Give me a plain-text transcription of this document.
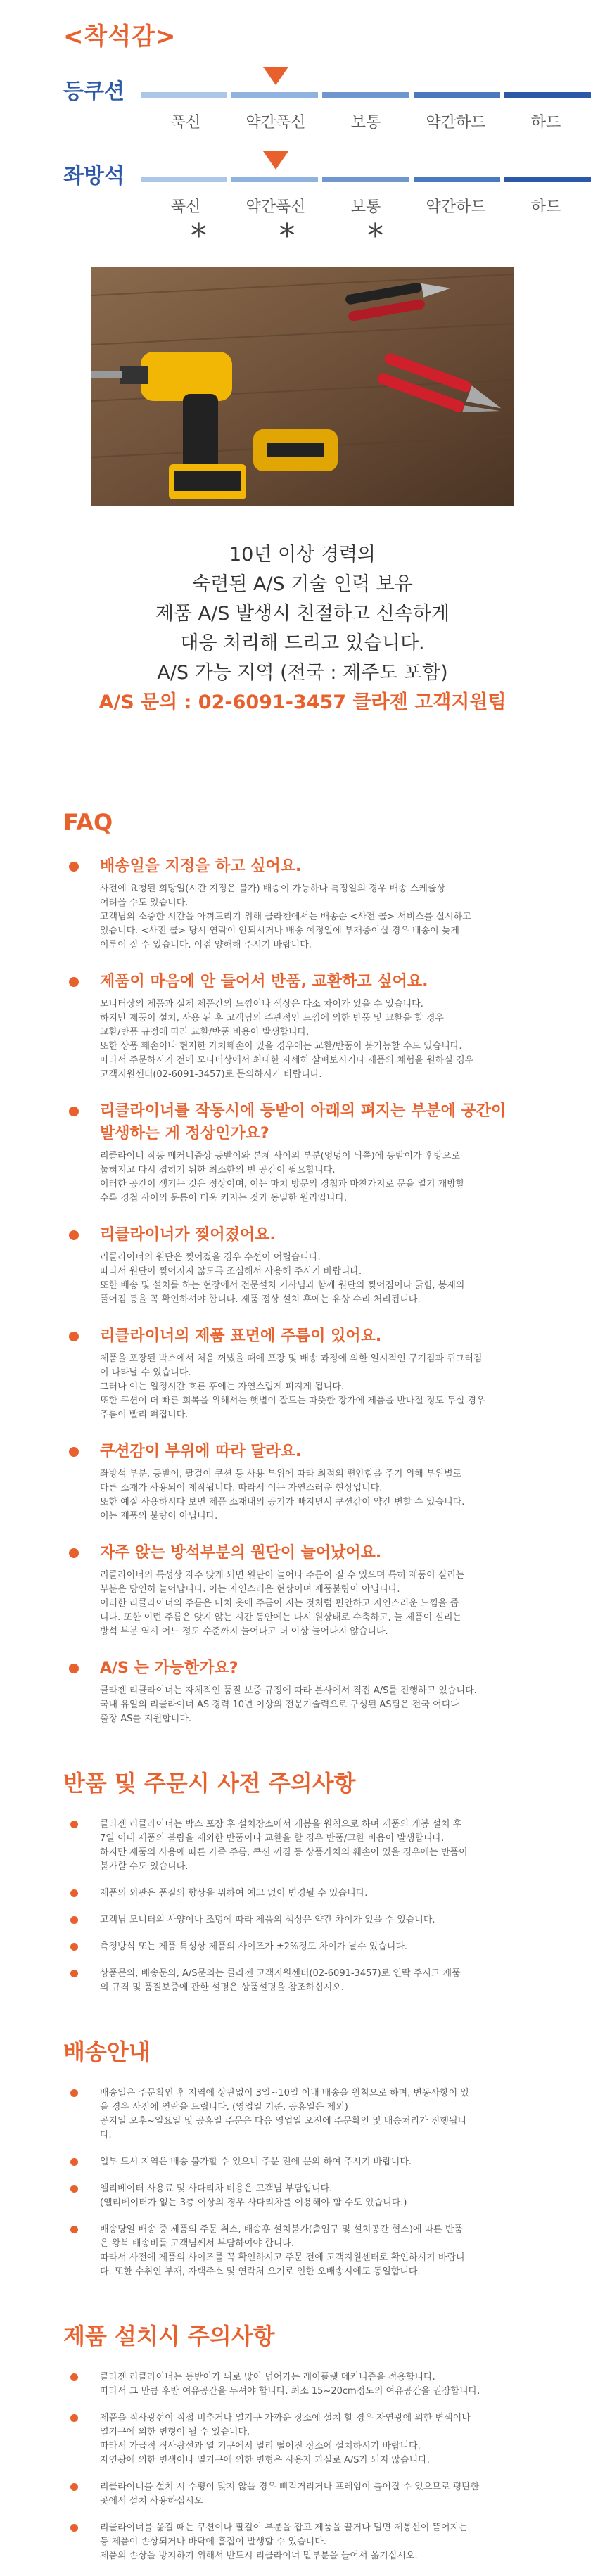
<착석감>
등쿠션
푹신	약간푹신	보통	약간하드	하드
좌방석
푹신	약간푹신	보통	약간하드	하드
* * *

10년 이상 경력의

숙련된 A/S 기술 인력 보유

제품 A/S 발생시 친절하고 신속하게

대응 처리해 드리고 있습니다.

A/S 가능 지역 (전국 : 제주도 포함)

A/S 문의 : 02-6091-3457 클라젠 고객지원팀

FAQ
배송일을 지정을 하고 싶어요.
사전에 요청된 희망일(시간 지정은 불가) 배송이 가능하나 특정일의 경우 배송 스케줄상
어려울 수도 있습니다.
고객님의 소중한 시간을 아껴드리기 위해 클라젠에서는 배송순 <사전 콜> 서비스를 실시하고
있습니다. <사전 콜> 당시 연락이 안되시거나 배송 예정일에 부재중이실 경우 배송이 늦게
이루어 질 수 있습니다. 이점 양해해 주시기 바랍니다.
제품이 마음에 안 들어서 반품, 교환하고 싶어요.
모니터상의 제품과 실제 제품간의 느낌이나 색상은 다소 차이가 있을 수 있습니다.
하지만 제품이 설치, 사용 된 후 고객님의 주관적인 느낌에 의한 반품 및 교환을 할 경우
교환/반품 규정에 따라 교환/반품 비용이 발생합니다.
또한 상품 훼손이나 현저한 가치훼손이 있을 경우에는 교환/반품이 불가능할 수도 있습니다.
따라서 주문하시기 전에 모니터상에서 최대한 자세히 살펴보시거나 제품의 체험을 원하실 경우
고객지원센터(02-6091-3457)로 문의하시기 바랍니다.
리클라이너를 작동시에 등받이 아래의 펴지는 부분에 공간이
발생하는 게 정상인가요?
리클라이너 작동 메커니즘상 등받이와 본체 사이의 부분(엉덩이 뒤쪽)에 등받이가 후방으로
눕혀지고 다시 겹히기 위한 최소한의 빈 공간이 필요합니다.
이러한 공간이 생기는 것은 정상이며, 이는 마치 방문의 경첩과 마찬가지로 문을 열기 개방할
수록 경첩 사이의 문틈이 더욱 커지는 것과 동일한 원리입니다.
리클라이너가 찢어졌어요.
리클라이너의 원단은 찢어졌을 경우 수선이 어렵습니다.
따라서 원단이 찢어지지 않도록 조심해서 사용해 주시기 바랍니다.
또한 배송 및 설치를 하는 현장에서 전문설치 기사님과 함께 원단의 찢어짐이나 긁힘, 봉제의
풀어짐 등을 꼭 확인하셔야 합니다. 제품 정상 설치 후에는 유상 수리 처리됩니다.
리클라이너의 제품 표면에 주름이 있어요.
제품을 포장된 박스에서 처음 꺼냈을 때에 포장 및 배송 과정에 의한 일시적인 구겨짐과 퀴그러짐
이 나타날 수 있습니다.
그러나 이는 일정시간 흐른 후에는 자연스럽게 펴지게 됩니다.
또한 쿠션이 더 빠른 회복을 위해서는 햇볕이 잘드는 따뜻한 장가에 제품을 반나절 정도 두실 경우
주름이 빨리 펴집니다.
쿠션감이 부위에 따라 달라요.
좌방석 부분, 등받이, 팔걸이 쿠션 등 사용 부위에 따라 최적의 편안함을 주기 위해 부위별로
다른 소재가 사용되어 제작됩니다. 따라서 이는 자연스러운 현상입니다.
또한 예질 사용하시다 보면 제품 소재내의 공기가 빠지면서 쿠션감이 약간 변할 수 있습니다.
이는 제품의 불량이 아닙니다.
자주 앉는 방석부분의 원단이 늘어났어요.
리클라이너의 특성상 자주 앉게 되면 원단이 늘어나 주름이 질 수 있으며 특히 제품이 실리는
부분은 당연히 늘어납니다. 이는 자연스러운 현상이며 제품불량이 아닙니다.
이러한 리클라이너의 주름은 마치 옷에 주름이 지는 것처럼 편안하고 자연스러운 느낌을 줍
니다. 또한 이런 주름은 앉지 않는 시간 동안에는 다시 원상태로 수축하고, 늘 제품이 실리는
방석 부분 역시 어느 정도 수준까지 늘어나고 더 이상 늘어나지 않습니다.
A/S 는 가능한가요?
클라젠 리클라이너는 자체적인 품질 보증 규정에 따라 본사에서 직접 A/S를 진행하고 있습니다.
국내 유일의 리클라이너 AS 경력 10년 이상의 전문기술력으로 구성된 AS팀은 전국 어디나
출장 AS를 지원합니다.
반품 및 주문시 사전 주의사항
클라젠 리클라이너는 박스 포장 후 설치장소에서 개봉을 원칙으로 하며 제품의 개봉 설치 후
7일 이내 제품의 불량을 제외한 반품이나 교환을 할 경우 반품/교환 비용이 발생합니다.
하지만 제품의 사용에 따른 가죽 주름, 쿠션 꺼짐 등 상품가치의 훼손이 있을 경우에는 반품이
불가할 수도 있습니다.
제품의 외관은 품질의 향상을 위하여 예고 없이 변경될 수 있습니다.
고객님 모니터의 사양이나 조명에 따라 제품의 색상은 약간 차이가 있을 수 있습니다.
측정방식 또는 제품 특성상 제품의 사이즈가 ±2%정도 차이가 날수 있습니다.
상품문의, 배송문의, A/S문의는 클라젠 고객지원센터(02-6091-3457)로 연락 주시고 제품
의 규격 및 품질보증에 관한 설명은 상품설명을 참조하십시오.
배송안내
배송일은 주문확인 후 지역에 상관없이 3일~10일 이내 배송을 원칙으로 하며, 변동사항이 있
을 경우 사전에 연락을 드립니다. (영업일 기준, 공휴일은 제외)
공지일 오후~일요일 및 공휴일 주문은 다음 영업일 오전에 주문확인 및 배송처리가 진행됩니
다.
일부 도서 지역은 배송 불가할 수 있으니 주문 전에 문의 하여 주시기 바랍니다.
엘리베이터 사용료 및 사다리차 비용은 고객님 부담입니다.
(엘리베이터가 없는 3층 이상의 경우 사다리차를 이용해야 할 수도 있습니다.)
배송당일 배송 중 제품의 주문 취소, 배송후 설치불가(출입구 및 설치공간 협소)에 따른 반품
은 왕복 배송비를 고객님께서 부담하여야 합니다.
따라서 사전에 제품의 사이즈를 꼭 확인하시고 주문 전에 고객지원센터로 확인하시기 바랍니
다. 또한 수취인 부재, 자택주소 및 연락처 오기로 인한 오배송시에도 동일합니다.
제품 설치시 주의사항
클라젠 리클라이너는 등받이가 뒤로 많이 넘어가는 레이플랫 메커니즘을 적용합니다.
따라서 그 만큼 후방 여유공간을 두셔야 합니다. 최소 15~20cm정도의 여유공간을 권장합니다.
제품을 직사광선이 직접 비추거나 열기구 가까운 장소에 설치 할 경우 자연광에 의한 변색이나
열기구에 의한 변형이 될 수 있습니다.
따라서 가급적 직사광선과 열 기구에서 멀리 떨어진 장소에 설치하시기 바랍니다.
자연광에 의한 변색이나 열기구에 의한 변형은 사용자 과실로 A/S가 되지 않습니다.
리클라이너를 설치 시 수평이 맞지 않을 경우 삐걱거리거나 프레임이 틀어질 수 있으므로 평탄한
곳에서 설치 사용하십시오
리클라이너를 옮길 때는 쿠션이나 팔걸이 부분을 잡고 제품을 끌거나 밀면 제봉선이 뜯어지는
등 제품이 손상되거나 바닥에 흠집이 발생할 수 있습니다.
제품의 손상을 방지하기 위해서 반드시 리클라이너 밑부분을 들어서 옮기십시오.
